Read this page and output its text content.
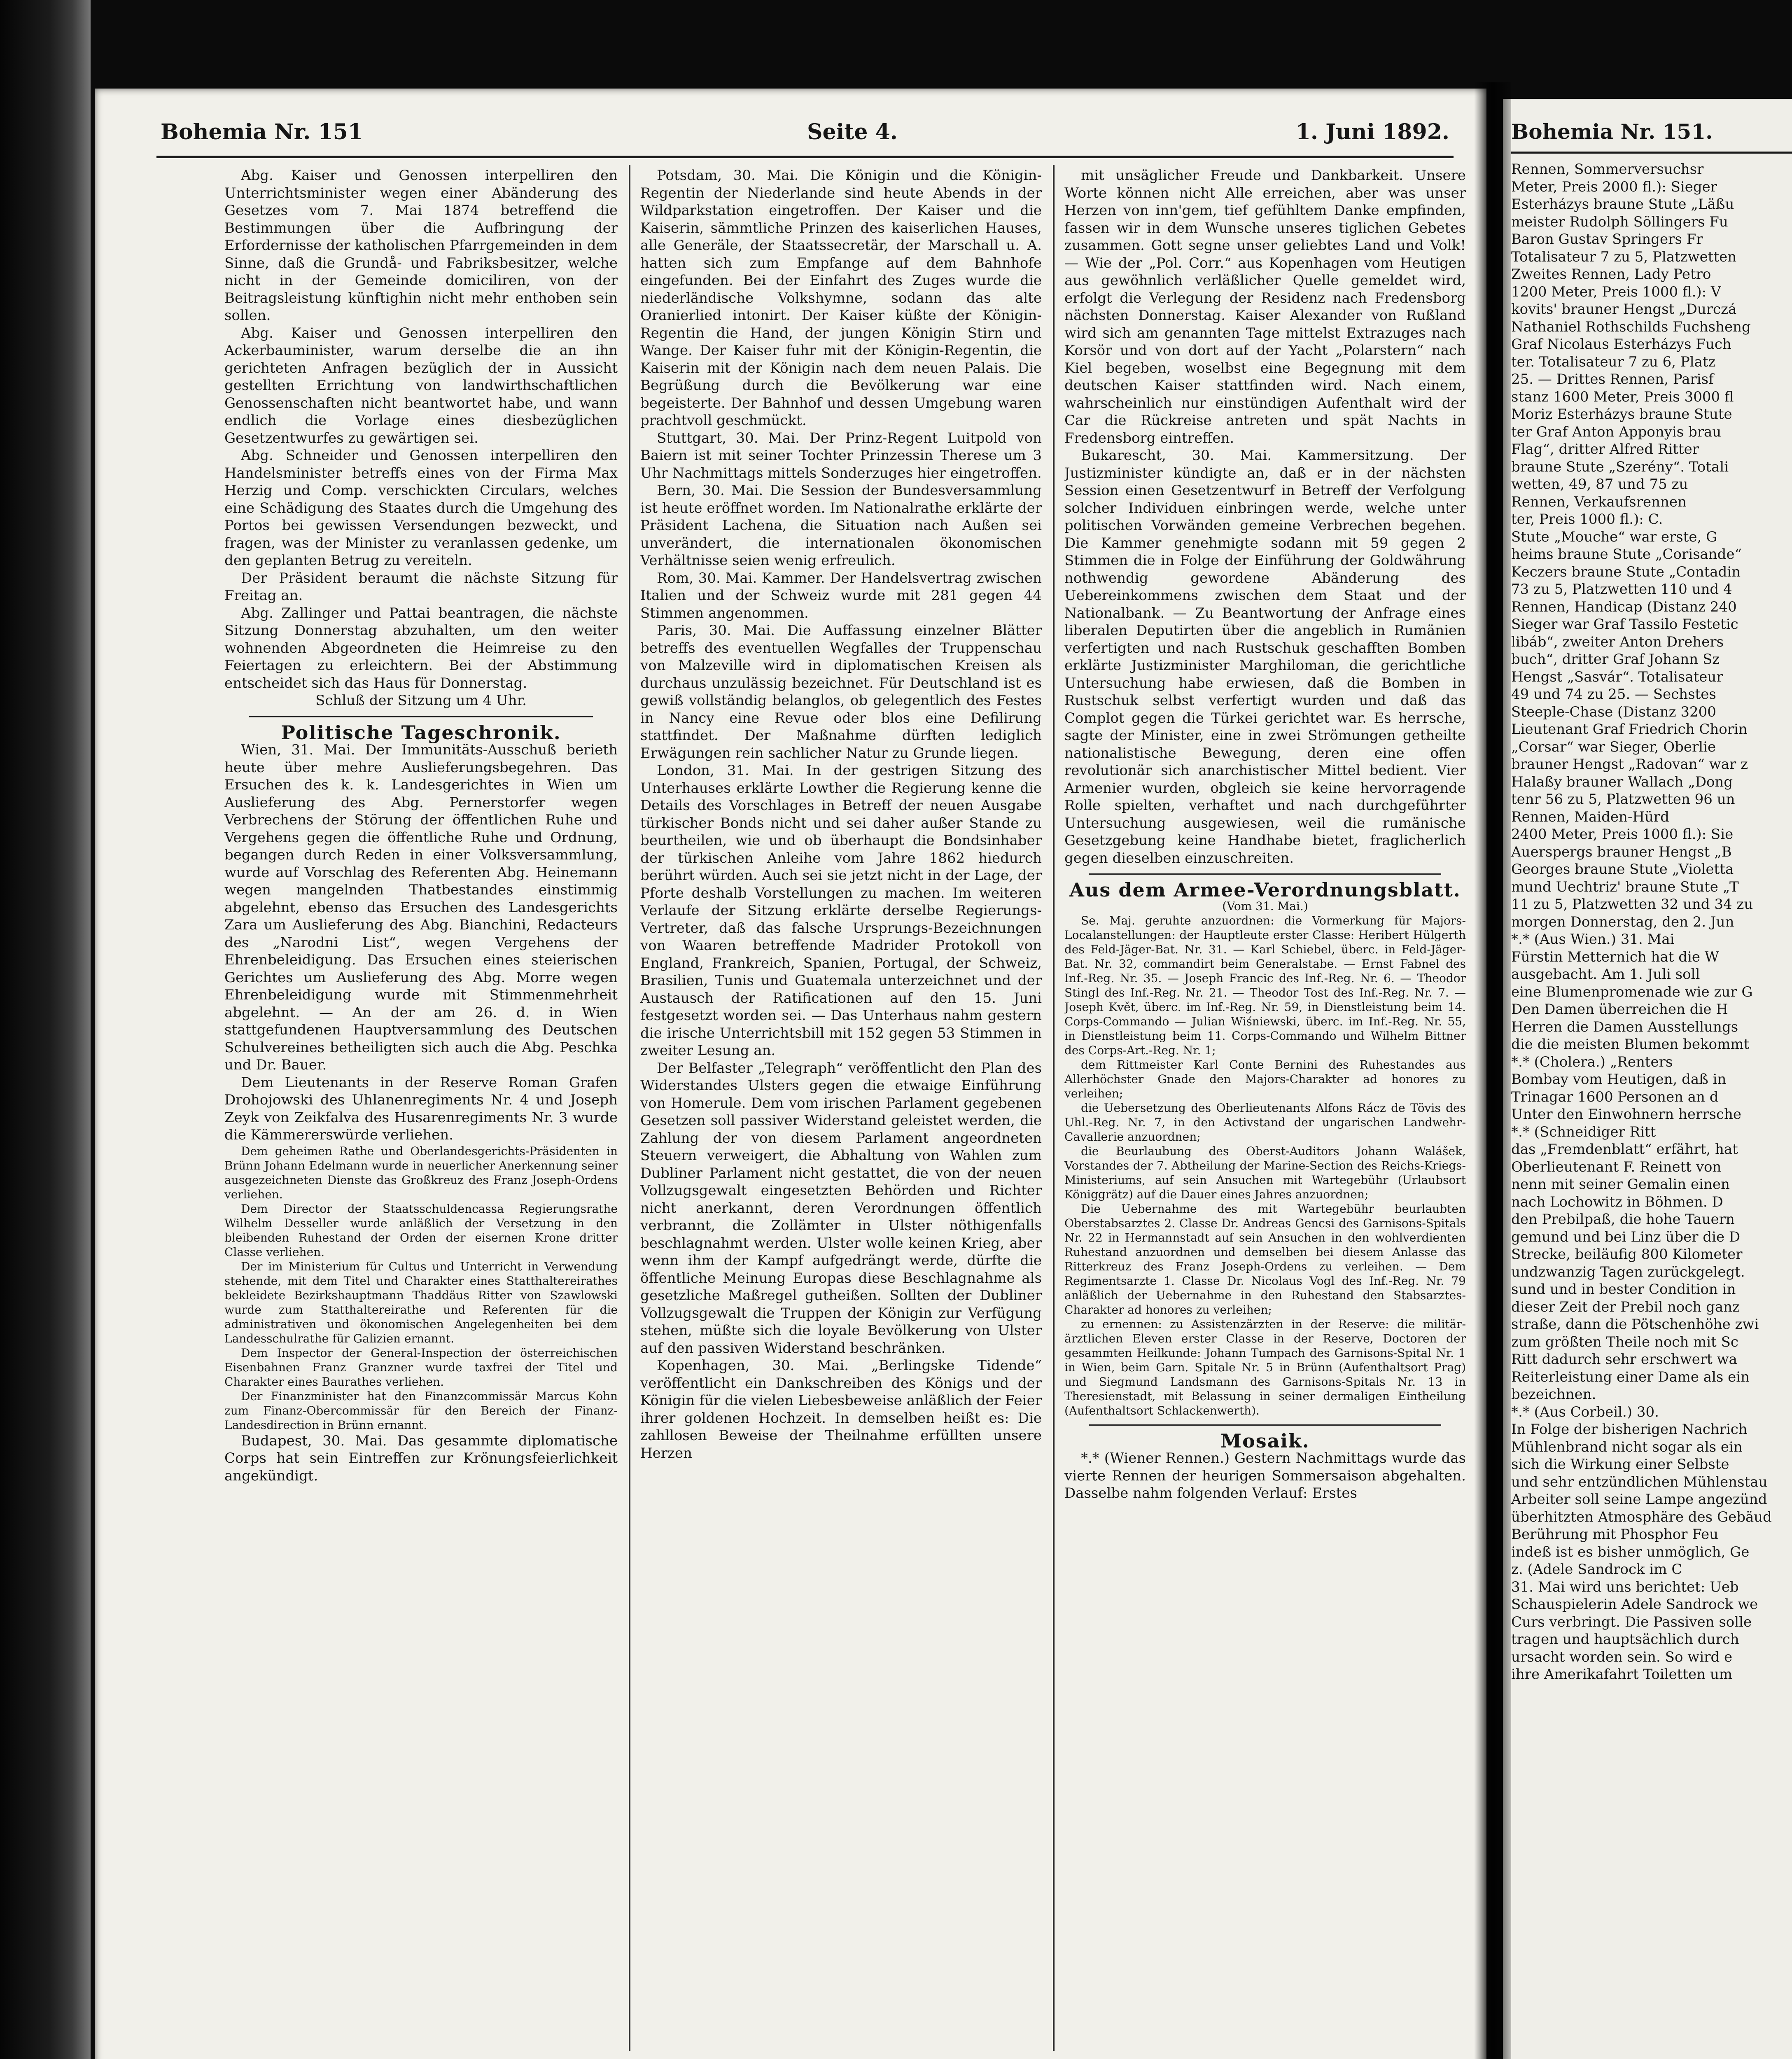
Bohemia Nr. 151.

Rennen, Sommerversuchsr

Meter, Preis 2000 fl.): Sieger

Esterházys braune Stute „Läßu

meister Rudolph Söllingers Fu

Baron Gustav Springers Fr

Totalisateur 7 zu 5, Platzwetten

Zweites Rennen, Lady Petro

1200 Meter, Preis 1000 fl.): V

kovits' brauner Hengst „Durczá

Nathaniel Rothschilds Fuchsheng

Graf Nicolaus Esterházys Fuch

ter. Totalisateur 7 zu 6, Platz

25. — Drittes Rennen, Parisf

stanz 1600 Meter, Preis 3000 fl

Moriz Esterházys braune Stute

ter Graf Anton Apponyis brau

Flag“, dritter Alfred Ritter

braune Stute „Szerény“. Totali

wetten, 49, 87 und 75 zu

Rennen, Verkaufsrennen

ter, Preis 1000 fl.): C.

Stute „Mouche“ war erste, G

heims braune Stute „Corisande“

Keczers braune Stute „Contadin

73 zu 5, Platzwetten 110 und 4

Rennen, Handicap (Distanz 240

Sieger war Graf Tassilo Festetic

libáb“, zweiter Anton Drehers

buch“, dritter Graf Johann Sz

Hengst „Sasvár“. Totalisateur

49 und 74 zu 25. — Sechstes

Steeple-Chase (Distanz 3200

Lieutenant Graf Friedrich Chorin

„Corsar“ war Sieger, Oberlie

brauner Hengst „Radovan“ war z

Halaßy brauner Wallach „Dong

tenr 56 zu 5, Platzwetten 96 un

Rennen, Maiden-Hürd

2400 Meter, Preis 1000 fl.): Sie

Auerspergs brauner Hengst „B

Georges braune Stute „Violetta

mund Uechtriz' braune Stute „T

11 zu 5, Platzwetten 32 und 34 zu

morgen Donnerstag, den 2. Jun

*.* (Aus Wien.) 31. Mai

Fürstin Metternich hat die W

ausgebacht. Am 1. Juli soll

eine Blumenpromenade wie zur G

Den Damen überreichen die H

Herren die Damen Ausstellungs

die die meisten Blumen bekommt

*.* (Cholera.) „Renters

Bombay vom Heutigen, daß in

Trinagar 1600 Personen an d

Unter den Einwohnern herrsche

*.* (Schneidiger Ritt

das „Fremdenblatt“ erfährt, hat

Oberlieutenant F. Reinett von

nenn mit seiner Gemalin einen

nach Lochowitz in Böhmen. D

den Prebilpaß, die hohe Tauern

gemund und bei Linz über die D

Strecke, beiläufig 800 Kilometer

undzwanzig Tagen zurückgelegt.

sund und in bester Condition in

dieser Zeit der Prebil noch ganz

straße, dann die Pötschenhöhe zwi

zum größten Theile noch mit Sc

Ritt dadurch sehr erschwert wa

Reiterleistung einer Dame als ein

bezeichnen.

*.* (Aus Corbeil.) 30.

In Folge der bisherigen Nachrich

Mühlenbrand nicht sogar als ein

sich die Wirkung einer Selbste

und sehr entzündlichen Mühlenstau

Arbeiter soll seine Lampe angezünd

überhitzten Atmosphäre des Gebäud

Berührung mit Phosphor Feu

indeß ist es bisher unmöglich, Ge

z. (Adele Sandrock im C

31. Mai wird uns berichtet: Ueb

Schauspielerin Adele Sandrock we

Curs verbringt. Die Passiven solle

tragen und hauptsächlich durch

ursacht worden sein. So wird e

ihre Amerikafahrt Toiletten um

Bohemia Nr. 151	Seite 4.	1. Juni 1892.

Abg. Kaiser und Genossen interpelliren den Unterrichtsminister wegen einer Abänderung des Gesetzes vom 7. Mai 1874 betreffend die Bestimmungen über die Aufbringung der Erfordernisse der katholischen Pfarrgemeinden in dem Sinne, daß die Grundå- und Fabriksbesitzer, welche nicht in der Gemeinde domiciliren, von der Beitragsleistung künftighin nicht mehr enthoben sein sollen.

Abg. Kaiser und Genossen interpelliren den Ackerbauminister, warum derselbe die an ihn gerichteten Anfragen bezüglich der in Aussicht gestellten Errichtung von landwirthschaftlichen Genossenschaften nicht beantwortet habe, und wann endlich die Vorlage eines diesbezüglichen Gesetzentwurfes zu gewärtigen sei.

Abg. Schneider und Genossen interpelliren den Handelsminister betreffs eines von der Firma Max Herzig und Comp. verschickten Circulars, welches eine Schädigung des Staates durch die Umgehung des Portos bei gewissen Versendungen bezweckt, und fragen, was der Minister zu veranlassen gedenke, um den geplanten Betrug zu vereiteln.

Der Präsident beraumt die nächste Sitzung für Freitag an.

Abg. Zallinger und Pattai beantragen, die nächste Sitzung Donnerstag abzuhalten, um den weiter wohnenden Abgeordneten die Heimreise zu den Feiertagen zu erleichtern. Bei der Abstimmung entscheidet sich das Haus für Donnerstag.

Schluß der Sitzung um 4 Uhr.

Politische Tageschronik.

Wien, 31. Mai. Der Immunitäts-Ausschuß berieth heute über mehre Auslieferungsbegehren. Das Ersuchen des k. k. Landesgerichtes in Wien um Auslieferung des Abg. Pernerstorfer wegen Verbrechens der Störung der öffentlichen Ruhe und Vergehens gegen die öffentliche Ruhe und Ordnung, begangen durch Reden in einer Volksversammlung, wurde auf Vorschlag des Referenten Abg. Heinemann wegen mangelnden Thatbestandes einstimmig abgelehnt, ebenso das Ersuchen des Landesgerichts Zara um Auslieferung des Abg. Bianchini, Redacteurs des „Narodni List“, wegen Vergehens der Ehrenbeleidigung. Das Ersuchen eines steierischen Gerichtes um Auslieferung des Abg. Morre wegen Ehrenbeleidigung wurde mit Stimmenmehrheit abgelehnt. — An der am 26. d. in Wien stattgefundenen Hauptversammlung des Deutschen Schulvereines betheiligten sich auch die Abg. Peschka und Dr. Bauer.

Dem Lieutenants in der Reserve Roman Grafen Drohojowski des Uhlanenregiments Nr. 4 und Joseph Zeyk von Zeikfalva des Husarenregiments Nr. 3 wurde die Kämmererswürde verliehen.

Dem geheimen Rathe und Oberlandesgerichts-Präsidenten in Brünn Johann Edelmann wurde in neuerlicher Anerkennung seiner ausgezeichneten Dienste das Großkreuz des Franz Joseph-Ordens verliehen.

Dem Director der Staatsschuldencassa Regierungsrathe Wilhelm Desseller wurde anläßlich der Versetzung in den bleibenden Ruhestand der Orden der eisernen Krone dritter Classe verliehen.

Der im Ministerium für Cultus und Unterricht in Verwendung stehende, mit dem Titel und Charakter eines Statthaltereirathes bekleidete Bezirkshauptmann Thaddäus Ritter von Szawlowski wurde zum Statthaltereirathe und Referenten für die administrativen und ökonomischen Angelegenheiten bei dem Landesschulrathe für Galizien ernannt.

Dem Inspector der General-Inspection der österreichischen Eisenbahnen Franz Granzner wurde taxfrei der Titel und Charakter eines Baurathes verliehen.

Der Finanzminister hat den Finanzcommissär Marcus Kohn zum Finanz-Obercommissär für den Bereich der Finanz-Landesdirection in Brünn ernannt.

Budapest, 30. Mai. Das gesammte diplomatische Corps hat sein Eintreffen zur Krönungsfeierlichkeit angekündigt.

Potsdam, 30. Mai. Die Königin und die Königin-Regentin der Niederlande sind heute Abends in der Wildparkstation eingetroffen. Der Kaiser und die Kaiserin, sämmtliche Prinzen des kaiserlichen Hauses, alle Generäle, der Staatssecretär, der Marschall u. A. hatten sich zum Empfange auf dem Bahnhofe eingefunden. Bei der Einfahrt des Zuges wurde die niederländische Volkshymne, sodann das alte Oranierlied intonirt. Der Kaiser küßte der Königin-Regentin die Hand, der jungen Königin Stirn und Wange. Der Kaiser fuhr mit der Königin-Regentin, die Kaiserin mit der Königin nach dem neuen Palais. Die Begrüßung durch die Bevölkerung war eine begeisterte. Der Bahnhof und dessen Umgebung waren prachtvoll geschmückt.

Stuttgart, 30. Mai. Der Prinz-Regent Luitpold von Baiern ist mit seiner Tochter Prinzessin Therese um 3 Uhr Nachmittags mittels Sonderzuges hier eingetroffen.

Bern, 30. Mai. Die Session der Bundesversammlung ist heute eröffnet worden. Im Nationalrathe erklärte der Präsident Lachena, die Situation nach Außen sei unverändert, die internationalen ökonomischen Verhältnisse seien wenig erfreulich.

Rom, 30. Mai. Kammer. Der Handelsvertrag zwischen Italien und der Schweiz wurde mit 281 gegen 44 Stimmen angenommen.

Paris, 30. Mai. Die Auffassung einzelner Blätter betreffs des eventuellen Wegfalles der Truppenschau von Malzeville wird in diplomatischen Kreisen als durchaus unzulässig bezeichnet. Für Deutschland ist es gewiß vollständig belanglos, ob gelegentlich des Festes in Nancy eine Revue oder blos eine Defilirung stattfindet. Der Maßnahme dürften lediglich Erwägungen rein sachlicher Natur zu Grunde liegen.

London, 31. Mai. In der gestrigen Sitzung des Unterhauses erklärte Lowther die Regierung kenne die Details des Vorschlages in Betreff der neuen Ausgabe türkischer Bonds nicht und sei daher außer Stande zu beurtheilen, wie und ob überhaupt die Bondsinhaber der türkischen Anleihe vom Jahre 1862 hiedurch berührt würden. Auch sei sie jetzt nicht in der Lage, der Pforte deshalb Vorstellungen zu machen. Im weiteren Verlaufe der Sitzung erklärte derselbe Regierungs-Vertreter, daß das falsche Ursprungs-Bezeichnungen von Waaren betreffende Madrider Protokoll von England, Frankreich, Spanien, Portugal, der Schweiz, Brasilien, Tunis und Guatemala unterzeichnet und der Austausch der Ratificationen auf den 15. Juni festgesetzt worden sei. — Das Unterhaus nahm gestern die irische Unterrichtsbill mit 152 gegen 53 Stimmen in zweiter Lesung an.

Der Belfaster „Telegraph“ veröffentlicht den Plan des Widerstandes Ulsters gegen die etwaige Einführung von Homerule. Dem vom irischen Parlament gegebenen Gesetzen soll passiver Widerstand geleistet werden, die Zahlung der von diesem Parlament angeordneten Steuern verweigert, die Abhaltung von Wahlen zum Dubliner Parlament nicht gestattet, die von der neuen Vollzugsgewalt eingesetzten Behörden und Richter nicht anerkannt, deren Verordnungen öffentlich verbrannt, die Zollämter in Ulster nöthigenfalls beschlagnahmt werden. Ulster wolle keinen Krieg, aber wenn ihm der Kampf aufgedrängt werde, dürfte die öffentliche Meinung Europas diese Beschlagnahme als gesetzliche Maßregel gutheißen. Sollten der Dubliner Vollzugsgewalt die Truppen der Königin zur Verfügung stehen, müßte sich die loyale Bevölkerung von Ulster auf den passiven Widerstand beschränken.

Kopenhagen, 30. Mai. „Berlingske Tidende“ veröffentlicht ein Dankschreiben des Königs und der Königin für die vielen Liebesbeweise anläßlich der Feier ihrer goldenen Hochzeit. In demselben heißt es: Die zahllosen Beweise der Theilnahme erfüllten unsere Herzen

mit unsäglicher Freude und Dankbarkeit. Unsere Worte können nicht Alle erreichen, aber was unser Herzen von inn'gem, tief gefühltem Danke empfinden, fassen wir in dem Wunsche unseres tiglichen Gebetes zusammen. Gott segne unser geliebtes Land und Volk! — Wie der „Pol. Corr.“ aus Kopenhagen vom Heutigen aus gewöhnlich verläßlicher Quelle gemeldet wird, erfolgt die Verlegung der Residenz nach Fredensborg nächsten Donnerstag. Kaiser Alexander von Rußland wird sich am genannten Tage mittelst Extrazuges nach Korsör und von dort auf der Yacht „Polarstern“ nach Kiel begeben, woselbst eine Begegnung mit dem deutschen Kaiser stattfinden wird. Nach einem, wahrscheinlich nur einstündigen Aufenthalt wird der Car die Rückreise antreten und spät Nachts in Fredensborg eintreffen.

Bukarescht, 30. Mai. Kammersitzung. Der Justizminister kündigte an, daß er in der nächsten Session einen Gesetzentwurf in Betreff der Verfolgung solcher Individuen einbringen werde, welche unter politischen Vorwänden gemeine Verbrechen begehen. Die Kammer genehmigte sodann mit 59 gegen 2 Stimmen die in Folge der Einführung der Goldwährung nothwendig gewordene Abänderung des Uebereinkommens zwischen dem Staat und der Nationalbank. — Zu Beantwortung der Anfrage eines liberalen Deputirten über die angeblich in Rumänien verfertigten und nach Rustschuk geschafften Bomben erklärte Justizminister Marghiloman, die gerichtliche Untersuchung habe erwiesen, daß die Bomben in Rustschuk selbst verfertigt wurden und daß das Complot gegen die Türkei gerichtet war. Es herrsche, sagte der Minister, eine in zwei Strömungen getheilte nationalistische Bewegung, deren eine offen revolutionär sich anarchistischer Mittel bedient. Vier Armenier wurden, obgleich sie keine hervorragende Rolle spielten, verhaftet und nach durchgeführter Untersuchung ausgewiesen, weil die rumänische Gesetzgebung keine Handhabe bietet, fraglicherlich gegen dieselben einzuschreiten.

Aus dem Armee-Verordnungsblatt.

(Vom 31. Mai.)

Se. Maj. geruhte anzuordnen: die Vormerkung für Majors-Localanstellungen: der Hauptleute erster Classe: Heribert Hülgerth des Feld-Jäger-Bat. Nr. 31. — Karl Schiebel, überc. in Feld-Jäger-Bat. Nr. 32, commandirt beim Generalstabe. — Ernst Fabnel des Inf.-Reg. Nr. 35. — Joseph Francic des Inf.-Reg. Nr. 6. — Theodor Stingl des Inf.-Reg. Nr. 21. — Theodor Tost des Inf.-Reg. Nr. 7. — Joseph Květ, überc. im Inf.-Reg. Nr. 59, in Dienstleistung beim 14. Corps-Commando — Julian Wiśniewski, überc. im Inf.-Reg. Nr. 55, in Dienstleistung beim 11. Corps-Commando und Wilhelm Bittner des Corps-Art.-Reg. Nr. 1;

dem Rittmeister Karl Conte Bernini des Ruhestandes aus Allerhöchster Gnade den Majors-Charakter ad honores zu verleihen;

die Uebersetzung des Oberlieutenants Alfons Rácz de Tövis des Uhl.-Reg. Nr. 7, in den Activstand der ungarischen Landwehr-Cavallerie anzuordnen;

die Beurlaubung des Oberst-Auditors Johann Walášek, Vorstandes der 7. Abtheilung der Marine-Section des Reichs-Kriegs-Ministeriums, auf sein Ansuchen mit Wartegebühr (Urlaubsort Königgrätz) auf die Dauer eines Jahres anzuordnen;

Die Uebernahme des mit Wartegebühr beurlaubten Oberstabsarztes 2. Classe Dr. Andreas Gencsi des Garnisons-Spitals Nr. 22 in Hermannstadt auf sein Ansuchen in den wohlverdienten Ruhestand anzuordnen und demselben bei diesem Anlasse das Ritterkreuz des Franz Joseph-Ordens zu verleihen. — Dem Regimentsarzte 1. Classe Dr. Nicolaus Vogl des Inf.-Reg. Nr. 79 anläßlich der Uebernahme in den Ruhestand den Stabsarztes-Charakter ad honores zu verleihen;

zu ernennen: zu Assistenzärzten in der Reserve: die militär-ärztlichen Eleven erster Classe in der Reserve, Doctoren der gesammten Heilkunde: Johann Tumpach des Garnisons-Spital Nr. 1 in Wien, beim Garn. Spitale Nr. 5 in Brünn (Aufenthaltsort Prag) und Siegmund Landsmann des Garnisons-Spitals Nr. 13 in Theresienstadt, mit Belassung in seiner dermaligen Eintheilung (Aufenthaltsort Schlackenwerth).

Mosaik.

*.* (Wiener Rennen.) Gestern Nachmittags wurde das vierte Rennen der heurigen Sommersaison abgehalten. Dasselbe nahm folgenden Verlauf: Erstes
